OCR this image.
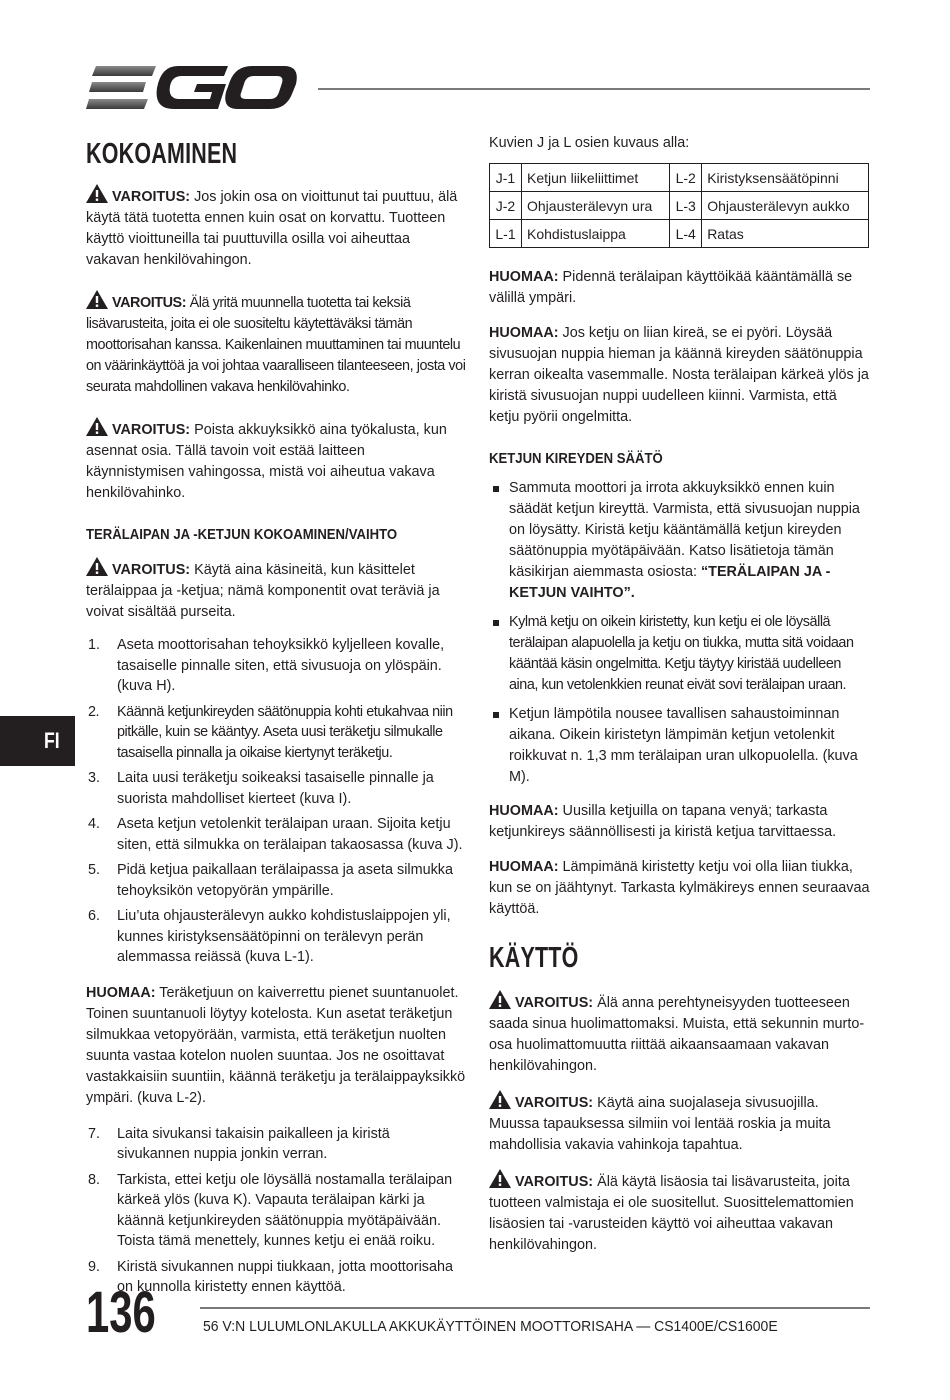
FI
KOKOAMINEN

VAROITUS: Jos jokin osa on vioittunut tai puuttuu, älä käytä tätä tuotetta ennen kuin osat on korvattu. Tuotteen käyttö vioittuneilla tai puuttuvilla osilla voi aiheuttaa vakavan henkilövahingon.

VAROITUS: Älä yritä muunnella tuotetta tai keksiä lisävarusteita, joita ei ole suositeltu käytettäväksi tämän moottorisahan kanssa. Kaikenlainen muuttaminen tai muuntelu on väärinkäyttöä ja voi johtaa vaaralliseen tilanteeseen, josta voi seurata mahdollinen vakava henkilövahinko.

VAROITUS: Poista akkuyksikkö aina työkalusta, kun asennat osia. Tällä tavoin voit estää laitteen käynnistymisen vahingossa, mistä voi aiheutua vakava henkilövahinko.

TERÄLAIPAN JA -KETJUN KOKOAMINEN/VAIHTO

VAROITUS: Käytä aina käsineitä, kun käsittelet terälaippaa ja -ketjua; nämä komponentit ovat teräviä ja voivat sisältää purseita.

1. Aseta moottorisahan tehoyksikkö kyljelleen kovalle, tasaiselle pinnalle siten, että sivusuoja on ylöspäin. (kuva H).
2. Käännä ketjunkireyden säätönuppia kohti etukahvaa niin pitkälle, kuin se kääntyy. Aseta uusi teräketju silmukalle tasaisella pinnalla ja oikaise kiertynyt teräketju.
3. Laita uusi teräketju soikeaksi tasaiselle pinnalle ja suorista mahdolliset kierteet (kuva I).
4. Aseta ketjun vetolenkit terälaipan uraan. Sijoita ketju siten, että silmukka on terälaipan takaosassa (kuva J).
5. Pidä ketjua paikallaan terälaipassa ja aseta silmukka tehoyksikön vetopyörän ympärille.
6. Liu’uta ohjausterälevyn aukko kohdistuslaippojen yli, kunnes kiristyksensäätöpinni on terälevyn perän alemmassa reiässä (kuva L-1).

HUOMAA: Teräketjuun on kaiverrettu pienet suuntanuolet. Toinen suuntanuoli löytyy kotelosta. Kun asetat teräketjun silmukkaa vetopyörään, varmista, että teräketjun nuolten suunta vastaa kotelon nuolen suuntaa. Jos ne osoittavat vastakkaisiin suuntiin, käännä teräketju ja terälaippayksikkö ympäri. (kuva L-2).

7. Laita sivukansi takaisin paikalleen ja kiristä sivukannen nuppia jonkin verran.
8. Tarkista, ettei ketju ole löysällä nostamalla terälaipan kärkeä ylös (kuva K). Vapauta terälaipan kärki ja käännä ketjunkireyden säätönuppia myötäpäivään. Toista tämä menettely, kunnes ketju ei enää roiku.
9. Kiristä sivukannen nuppi tiukkaan, jotta moottorisaha on kunnolla kiristetty ennen käyttöä.

Kuvien J ja L osien kuvaus alla:

J-1	Ketjun liikeliittimet	L-2	Kiristyksensäätöpinni
J-2	Ohjausterälevyn ura	L-3	Ohjausterälevyn aukko
L-1	Kohdistuslaippa	L-4	Ratas

HUOMAA: Pidennä terälaipan käyttöikää kääntämällä se välillä ympäri.

HUOMAA: Jos ketju on liian kireä, se ei pyöri. Löysää sivusuojan nuppia hieman ja käännä kireyden säätönuppia kerran oikealta vasemmalle. Nosta terälaipan kärkeä ylös ja kiristä sivusuojan nuppi uudelleen kiinni. Varmista, että ketju pyörii ongelmitta.

KETJUN KIREYDEN SÄÄTÖ
Sammuta moottori ja irrota akkuyksikkö ennen kuin säädät ketjun kireyttä. Varmista, että sivusuojan nuppia on löysätty. Kiristä ketju kääntämällä ketjun kireyden säätönuppia myötäpäivään. Katso lisätietoja tämän käsikirjan aiemmasta osiosta: “TERÄLAIPAN JA -KETJUN VAIHTO”.
Kylmä ketju on oikein kiristetty, kun ketju ei ole löysällä terälaipan alapuolella ja ketju on tiukka, mutta sitä voidaan kääntää käsin ongelmitta. Ketju täytyy kiristää uudelleen aina, kun vetolenkkien reunat eivät sovi terälaipan uraan.
Ketjun lämpötila nousee tavallisen sahaustoiminnan aikana. Oikein kiristetyn lämpimän ketjun vetolenkit roikkuvat n. 1,3 mm terälaipan uran ulkopuolella. (kuva M).

HUOMAA: Uusilla ketjuilla on tapana venyä; tarkasta ketjunkireys säännöllisesti ja kiristä ketjua tarvittaessa.

HUOMAA: Lämpimänä kiristetty ketju voi olla liian tiukka, kun se on jäähtynyt. Tarkasta kylmäkireys ennen seuraavaa käyttöä.

KÄYTTÖ

VAROITUS: Älä anna perehtyneisyyden tuotteeseen saada sinua huolimattomaksi. Muista, että sekunnin murto-osa huolimattomuutta riittää aikaansaamaan vakavan henkilövahingon.

VAROITUS: Käytä aina suojalaseja sivusuojilla. Muussa tapauksessa silmiin voi lentää roskia ja muita mahdollisia vakavia vahinkoja tapahtua.

VAROITUS: Älä käytä lisäosia tai lisävarusteita, joita tuotteen valmistaja ei ole suositellut. Suosittelemattomien lisäosien tai -varusteiden käyttö voi aiheuttaa vakavan henkilövahingon.

136	56 V:N LULUMLONLAKULLA AKKUKÄYTTÖINEN MOOTTORISAHA — CS1400E/CS1600E
